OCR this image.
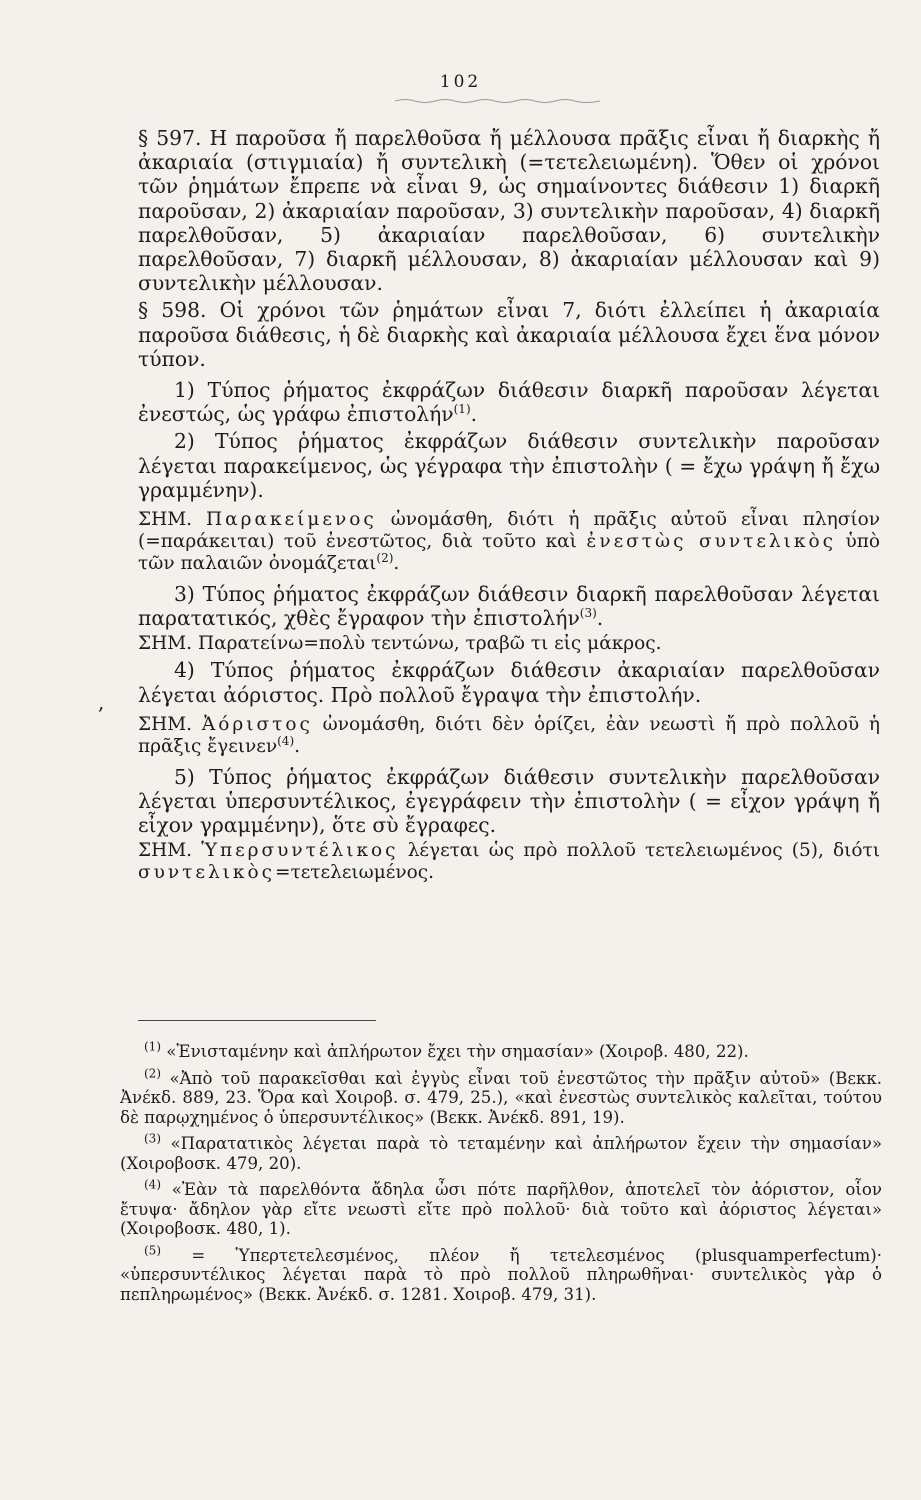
102

§ 597. Η παροῦσα ἤ παρελθοῦσα ἤ μέλλουσα πρᾶξις εἶναι ἤ διαρκὴς ἤ ἀκαριαία (στιγμιαία) ἤ συντελικὴ (=τετελειωμένη). Ὅθεν οἱ χρόνοι τῶν ῥημάτων ἔπρεπε νὰ εἶναι 9, ὡς σημαίνοντες διάθεσιν 1) διαρκῆ παροῦσαν, 2) ἀκαριαίαν παροῦσαν, 3) συντελικὴν παροῦσαν, 4) διαρκῆ παρελθοῦσαν, 5) ἀκαριαίαν παρελθοῦσαν, 6) συντελικὴν παρελθοῦσαν, 7) διαρκῆ μέλλουσαν, 8) ἀκαριαίαν μέλλουσαν καὶ 9) συντελικὴν μέλλουσαν.

§ 598. Οἱ χρόνοι τῶν ῥημάτων εἶναι 7, διότι ἐλλείπει ἡ ἀκαριαία παροῦσα διάθεσις, ἡ δὲ διαρκὴς καὶ ἀκαριαία μέλλουσα ἔχει ἕνα μόνον τύπον.

1) Τύπος ῥήματος ἐκφράζων διάθεσιν διαρκῆ παροῦσαν λέγεται ἐνεστώς, ὡς γράφω ἐπιστολήν$^{(1)}$.

2) Τύπος ῥήματος ἐκφράζων διάθεσιν συντελικὴν παροῦσαν λέγεται παρακείμενος, ὡς γέγραφα τὴν ἐπιστολὴν ( = ἔχω γράψη ἤ ἔχω γραμμένην).

ΣΗΜ. Παρακείμενος ὠνομάσθη, διότι ἡ πρᾶξις αὐτοῦ εἶναι πλησίον (=παράκειται) τοῦ ἐνεστῶτος, διὰ τοῦτο καὶ ἐνεστὼς συντελικὸς ὑπὸ τῶν παλαιῶν ὀνομάζεται$^{(2)}$.

3) Τύπος ῥήματος ἐκφράζων διάθεσιν διαρκῆ παρελθοῦσαν λέγεται παρατατικός, χθὲς ἔγραφον τὴν ἐπιστολήν$^{(3)}$.

ΣΗΜ. Παρατείνω=πολὺ τεντώνω, τραβῶ τι εἰς μάκρος.

4) Τύπος ῥήματος ἐκφράζων διάθεσιν ἀκαριαίαν παρελθοῦσαν λέγεται ἀόριστος. Πρὸ πολλοῦ ἔγραψα τὴν ἐπιστολήν.

ΣΗΜ. Ἀόριστος ὠνομάσθη, διότι δὲν ὁρίζει, ἐὰν νεωστὶ ἤ πρὸ πολλοῦ ἡ πρᾶξις ἔγεινεν$^{(4)}$.

5) Τύπος ῥήματος ἐκφράζων διάθεσιν συντελικὴν παρελθοῦσαν λέγεται ὑπερσυντέλικος, ἐγεγράφειν τὴν ἐπιστολὴν ( = εἶχον γράψη ἤ εἶχον γραμμένην), ὅτε σὺ ἔγραφες.

ΣΗΜ. Ὑπερσυντέλικος λέγεται ὡς πρὸ πολλοῦ τετελειωμένος (5), διότι συντελικὸς=τετελειωμένος.

,

$^{(1)}$ «Ἐνισταμένην καὶ ἀπλήρωτον ἔχει τὴν σημασίαν» (Χοιροβ. 480, 22).

$^{(2)}$ «Ἀπὸ τοῦ παρακεῖσθαι καὶ ἐγγὺς εἶναι τοῦ ἐνεστῶτος τὴν πρᾶξιν αὐτοῦ» (Βεκκ. Ἀνέκδ. 889, 23. Ὅρα καὶ Χοιροβ. σ. 479, 25.), «καὶ ἐνεστὼς συντελικὸς καλεῖται, τούτου δὲ παρῳχημένος ὁ ὑπερσυντέλικος» (Βεκκ. Ἀνέκδ. 891, 19).

$^{(3)}$ «Παρατατικὸς λέγεται παρὰ τὸ τεταμένην καὶ ἀπλήρωτον ἔχειν τὴν σημασίαν» (Χοιροβοσκ. 479, 20).

$^{(4)}$ «Ἐὰν τὰ παρελθόντα ἄδηλα ὦσι πότε παρῆλθον, ἀποτελεῖ τὸν ἀόριστον, οἷον ἔτυψα· ἄδηλον γὰρ εἴτε νεωστὶ εἴτε πρὸ πολλοῦ· διὰ τοῦτο καὶ ἀόριστος λέγεται» (Χοιροβοσκ. 480, 1).

$^{(5)}$ = Ὑπερτετελεσμένος, πλέον ἤ τετελεσμένος (plusquamperfectum)· «ὑπερσυντέλικος λέγεται παρὰ τὸ πρὸ πολλοῦ πληρωθῆναι· συντελικὸς γὰρ ὁ πεπληρωμένος» (Βεκκ. Ἀνέκδ. σ. 1281. Χοιροβ. 479, 31).
